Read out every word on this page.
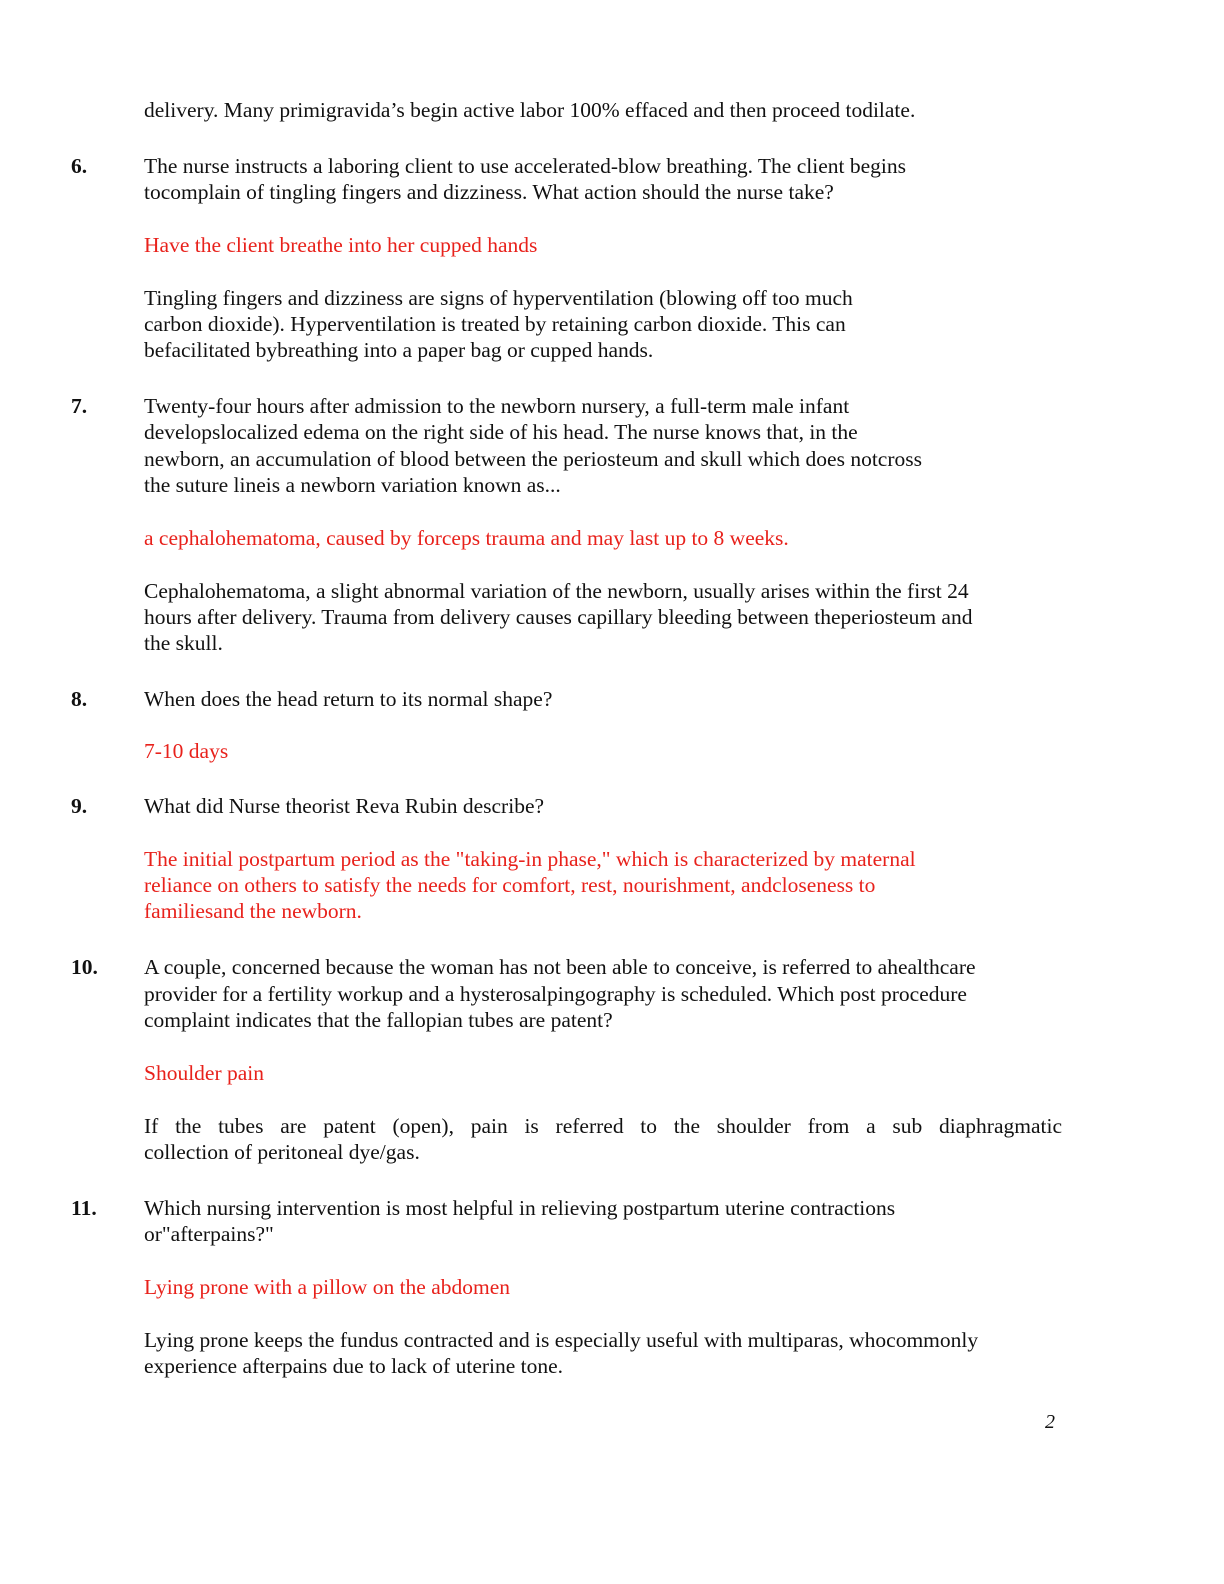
delivery. Many primigravida’s begin active labor 100% effaced and then proceed todilate.
6.	The nurse instructs a laboring client to use accelerated-blow breathing. The client begins
tocomplain of tingling fingers and dizziness. What action should the nurse take?
Have the client breathe into her cupped hands
Tingling fingers and dizziness are signs of hyperventilation (blowing off too much
carbon dioxide). Hyperventilation is treated by retaining carbon dioxide. This can
befacilitated bybreathing into a paper bag or cupped hands.
7.	Twenty-four hours after admission to the newborn nursery, a full-term male infant
developslocalized edema on the right side of his head. The nurse knows that, in the
newborn, an accumulation of blood between the periosteum and skull which does notcross
the suture lineis a newborn variation known as...
a cephalohematoma, caused by forceps trauma and may last up to 8 weeks.
Cephalohematoma, a slight abnormal variation of the newborn, usually arises within the first 24
hours after delivery. Trauma from delivery causes capillary bleeding between theperiosteum and
the skull.
8.	When does the head return to its normal shape?
7-10 days
9.	What did Nurse theorist Reva Rubin describe?
The initial postpartum period as the "taking-in phase," which is characterized by maternal
reliance on others to satisfy the needs for comfort, rest, nourishment, andcloseness to
familiesand the newborn.
10. A couple, concerned because the woman has not been able to conceive, is referred to ahealthcare
provider for a fertility workup and a hysterosalpingography is scheduled. Which post procedure
complaint indicates that the fallopian tubes are patent?
Shoulder pain
If the tubes are patent (open), pain is referred to the shoulder from a sub diaphragmatic
collection of peritoneal dye/gas.
11. Which nursing intervention is most helpful in relieving postpartum uterine contractions
or"afterpains?"
Lying prone with a pillow on the abdomen
Lying prone keeps the fundus contracted and is especially useful with multiparas, whocommonly
experience afterpains due to lack of uterine tone.
2
